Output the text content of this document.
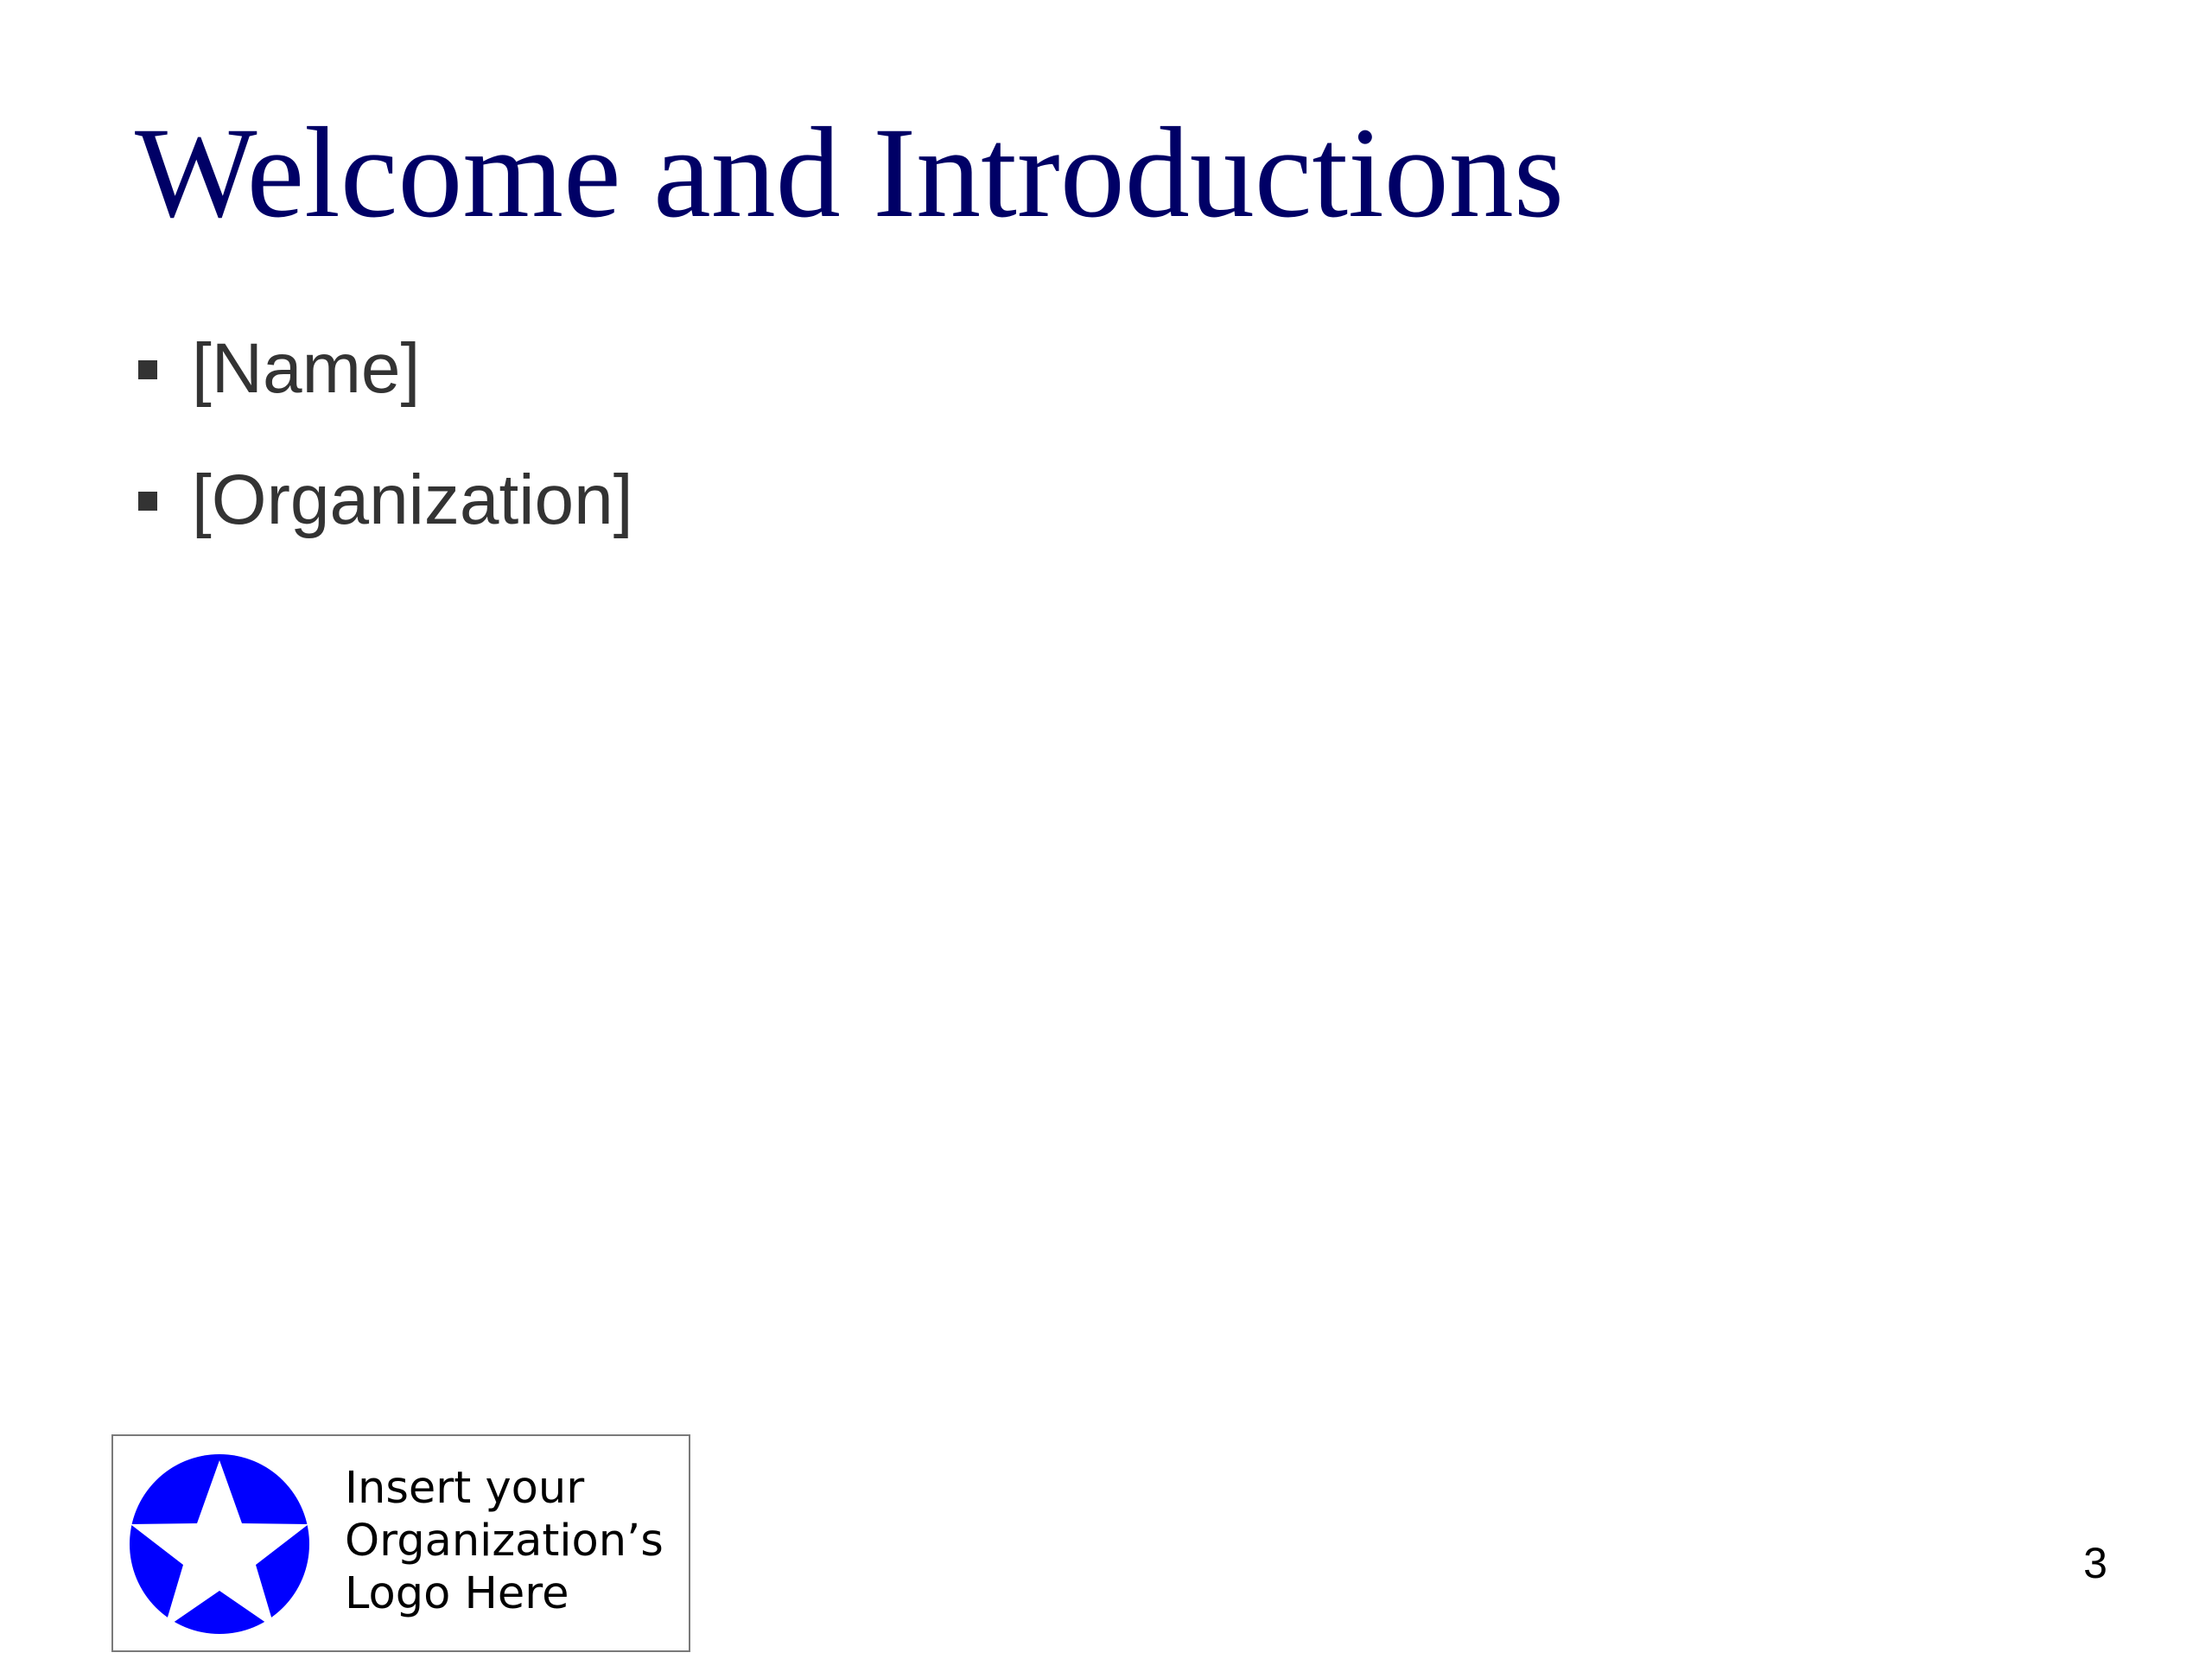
Welcome and Introductions
[Name]
[Organization]
Insert your
Organization’s
Logo Here
3
